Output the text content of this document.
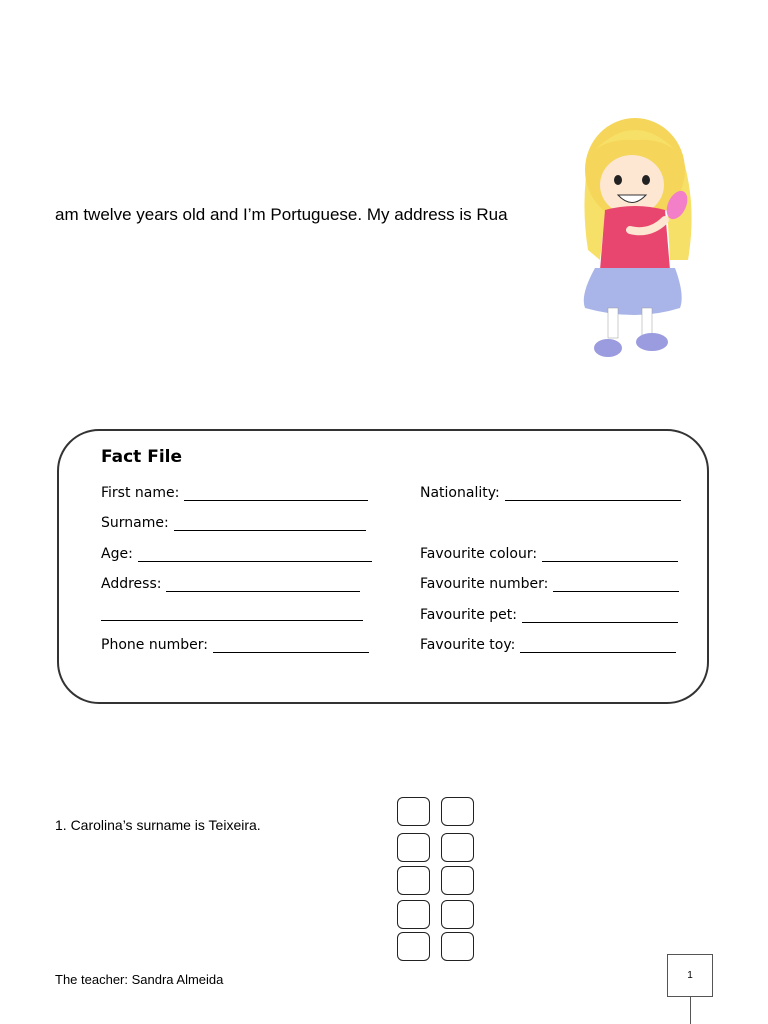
am twelve years old and I’m Portuguese. My address is Rua
Fact File
First name:
Surname:
Age:
Address:
Phone number:
Nationality:
Favourite colour:
Favourite number:
Favourite pet:
Favourite toy:
1. Carolina’s surname is Teixeira.
The teacher: Sandra Almeida	1
